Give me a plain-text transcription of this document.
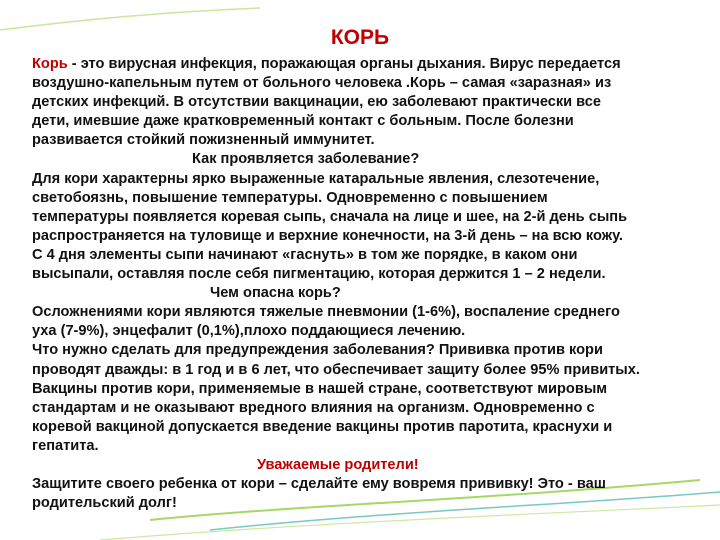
КОРЬ
Корь - это вирусная инфекция, поражающая органы дыхания. Вирус передается
воздушно-капельным путем от больного человека .Корь – самая «заразная» из
детских инфекций. В отсутствии вакцинации, ею заболевают практически все
дети, имевшие даже кратковременный контакт с больным. После болезни
развивается стойкий пожизненный иммунитет.
Как проявляется заболевание?
Для кори характерны ярко выраженные катаральные явления, слезотечение,
светобоязнь, повышение температуры. Одновременно с повышением
температуры появляется коревая сыпь, сначала на лице и шее, на 2-й день сыпь
распространяется на туловище и верхние конечности, на 3-й день – на всю кожу.
С 4 дня элементы сыпи начинают «гаснуть» в том же порядке, в каком они
высыпали, оставляя после себя пигментацию, которая держится 1 – 2 недели.
Чем опасна корь?
Осложнениями кори являются тяжелые пневмонии (1-6%), воспаление среднего
уха (7-9%), энцефалит (0,1%),плохо поддающиеся лечению.
Что нужно сделать для предупреждения заболевания? Прививка против кори
проводят дважды: в 1 год и в 6 лет, что обеспечивает защиту более 95% привитых.
Вакцины против кори, применяемые в нашей стране, соответствуют мировым
стандартам и не оказывают вредного влияния на организм. Одновременно с
коревой вакциной допускается введение вакцины против паротита, краснухи и
гепатита.
Уважаемые родители!
Защитите своего ребенка от кори – сделайте ему вовремя прививку! Это - ваш
родительский долг!
